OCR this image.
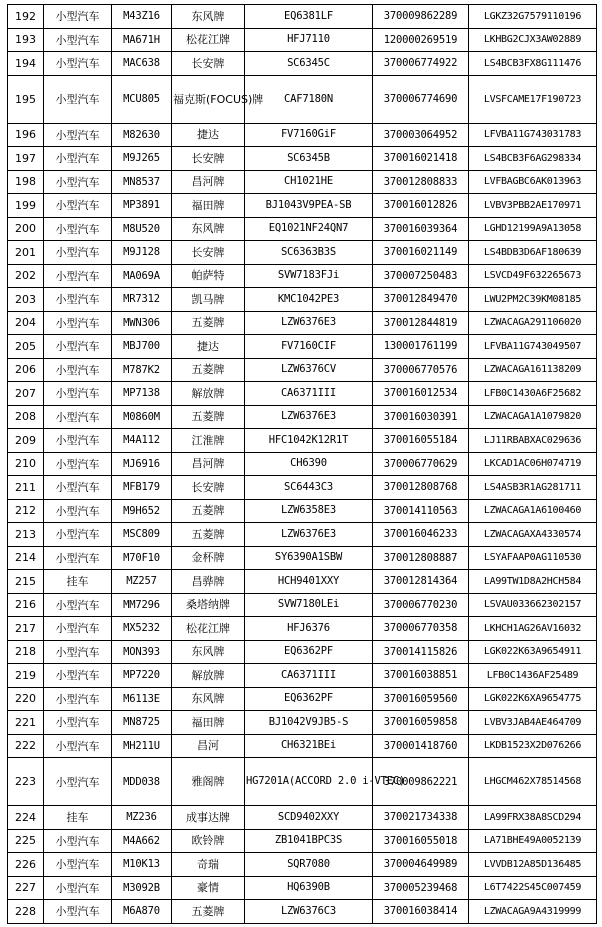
192	小型汽车	M43Z16	东风牌	EQ6381LF	370009862289	LGKZ32G7579110196
193	小型汽车	MA671H	松花江牌	HFJ7110	120000269519	LKHBG2CJX3AW02889
194	小型汽车	MAC638	长安牌	SC6345C	370006774922	LS4BCB3FX8G111476
195	小型汽车	MCU805	福克斯(FOCUS)牌	CAF7180N	370006774690	LVSFCAME17F190723
196	小型汽车	M82630	捷达	FV7160GiF	370003064952	LFVBA11G743031783
197	小型汽车	M9J265	长安牌	SC6345B	370016021418	LS4BCB3F6AG298334
198	小型汽车	MN8537	昌河牌	CH1021HE	370012808833	LVFBAGBC6AK013963
199	小型汽车	MP3891	福田牌	BJ1043V9PEA-SB	370016012826	LVBV3PBB2AE170971
200	小型汽车	M8U520	东风牌	EQ1021NF24QN7	370016039364	LGHD12199A9A13058
201	小型汽车	M9J128	长安牌	SC6363B3S	370016021149	LS4BDB3D6AF180639
202	小型汽车	MA069A	帕萨特	SVW7183FJi	370007250483	LSVCD49F632265673
203	小型汽车	MR7312	凯马牌	KMC1042PE3	370012849470	LWU2PM2C39KM08185
204	小型汽车	MWN306	五菱牌	LZW6376E3	370012844819	LZWACAGA291106020
205	小型汽车	MBJ700	捷达	FV7160CIF	130001761199	LFVBA11G743049507
206	小型汽车	M787K2	五菱牌	LZW6376CV	370006770576	LZWACAGA161138209
207	小型汽车	MP7138	解放牌	CA6371III	370016012534	LFB0C1430A6F25682
208	小型汽车	M0860M	五菱牌	LZW6376E3	370016030391	LZWACAGA1A1079820
209	小型汽车	M4A112	江淮牌	HFC1042K12R1T	370016055184	LJ11RBABXAC029636
210	小型汽车	MJ6916	昌河牌	CH6390	370006770629	LKCAD1AC06H074719
211	小型汽车	MFB179	长安牌	SC6443C3	370012808768	LS4ASB3R1AG281711
212	小型汽车	M9H652	五菱牌	LZW6358E3	370014110563	LZWACAGA1A6100460
213	小型汽车	MSC809	五菱牌	LZW6376E3	370016046233	LZWACAGAXA4330574
214	小型汽车	M70F10	金杯牌	SY6390A1SBW	370012808887	LSYAFAAP0AG110530
215	挂车	MZ257	昌骅牌	HCH9401XXY	370012814364	LA99TW1D8A2HCH584
216	小型汽车	MM7296	桑塔纳牌	SVW7180LEi	370006770230	LSVAU033662302157
217	小型汽车	MX5232	松花江牌	HFJ6376	370006770358	LKHCH1AG26AV16032
218	小型汽车	MON393	东风牌	EQ6362PF	370014115826	LGK022K63A9654911
219	小型汽车	MP7220	解放牌	CA6371III	370016038851	LFB0C1436AF25489
220	小型汽车	M6113E	东风牌	EQ6362PF	370016059560	LGK022K6XA9654775
221	小型汽车	MN8725	福田牌	BJ1042V9JB5-S	370016059858	LVBV3JAB4AE464709
222	小型汽车	MH211U	昌河	CH6321BEi	370001418760	LKDB1523X2D076266
223	小型汽车	MDD038	雅阁牌	HG7201A(ACCORD 2.0 i-VTEC)	370009862221	LHGCM462X78514568
224	挂车	MZ236	成事达牌	SCD9402XXY	370021734338	LA99FRX38A8SCD294
225	小型汽车	M4A662	欧铃牌	ZB1041BPC3S	370016055018	LA71BHE49A0052139
226	小型汽车	M10K13	奇瑞	SQR7080	370004649989	LVVDB12A85D136485
227	小型汽车	M3092B	豪情	HQ6390B	370005239468	L6T7422S45C007459
228	小型汽车	M6A870	五菱牌	LZW6376C3	370016038414	LZWACAGA9A4319999
